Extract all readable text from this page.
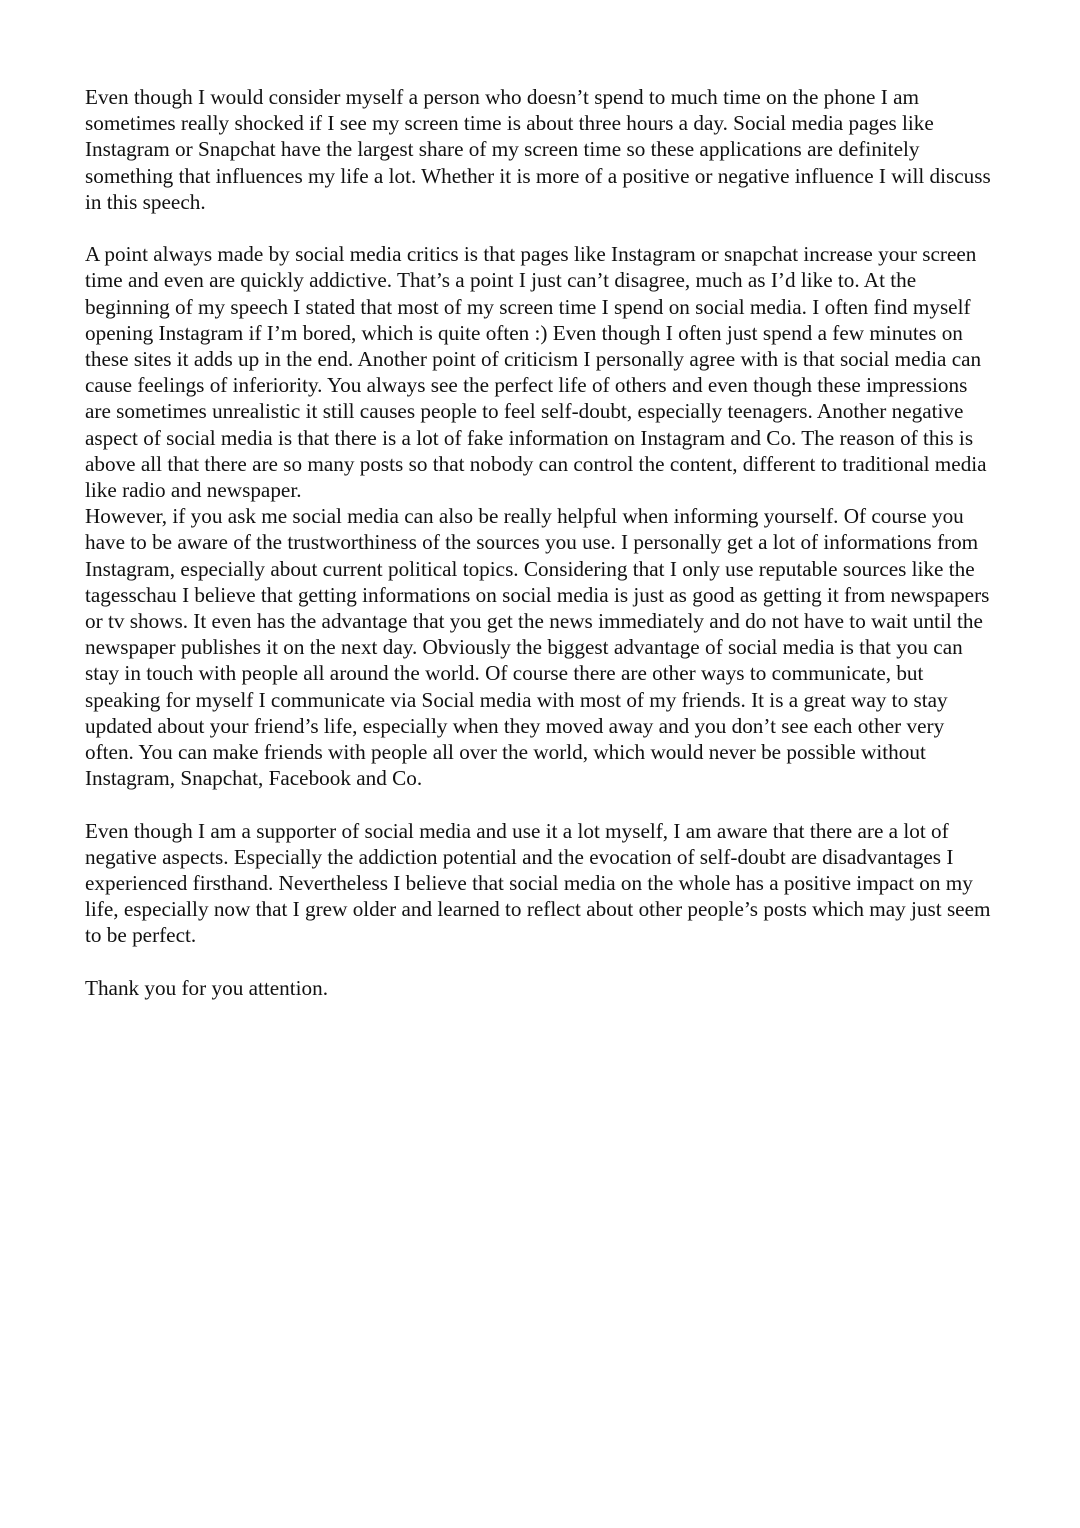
Even though I would consider myself a person who doesn’t spend to much time on the phone I am sometimes really shocked if I see my screen time is about three hours a day. Social media pages like Instagram or Snapchat have the largest share of my screen time so these applications are definitely something that influences my life a lot. Whether it is more of a positive or negative influence I will discuss in this speech.

A point always made by social media critics is that pages like Instagram or snapchat increase your screen time and even are quickly addictive. That’s a point I just can’t disagree, much as I’d like to. At the beginning of my speech I stated that most of my screen time I spend on social media. I often find myself opening Instagram if I’m bored, which is quite often :) Even though I often just spend a few minutes on these sites it adds up in the end. Another point of criticism I personally agree with is that social media can cause feelings of inferiority. You always see the perfect life of others and even though these impressions are sometimes unrealistic it still causes people to feel self-doubt, especially teenagers. Another negative aspect of social media is that there is a lot of fake information on Instagram and Co. The reason of this is above all that there are so many posts so that nobody can control the content, different to traditional media like radio and newspaper.

However, if you ask me social media can also be really helpful when informing yourself. Of course you have to be aware of the trustworthiness of the sources you use. I personally get a lot of informations from Instagram, especially about current political topics. Considering that I only use reputable sources like the tagesschau I believe that getting informations on social media is just as good as getting it from newspapers or tv shows. It even has the advantage that you get the news immediately and do not have to wait until the newspaper publishes it on the next day. Obviously the biggest advantage of social media is that you can stay in touch with people all around the world. Of course there are other ways to communicate, but speaking for myself I communicate via Social media with most of my friends. It is a great way to stay updated about your friend’s life, especially when they moved away and you don’t see each other very often. You can make friends with people all over the world, which would never be possible without Instagram, Snapchat, Facebook and Co.

Even though I am a supporter of social media and use it a lot myself, I am aware that there are a lot of negative aspects. Especially the addiction potential and the evocation of self-doubt are disadvantages I experienced firsthand. Nevertheless I believe that social media on the whole has a positive impact on my life, especially now that I grew older and learned to reflect about other people’s posts which may just seem to be perfect.

Thank you for you attention.
